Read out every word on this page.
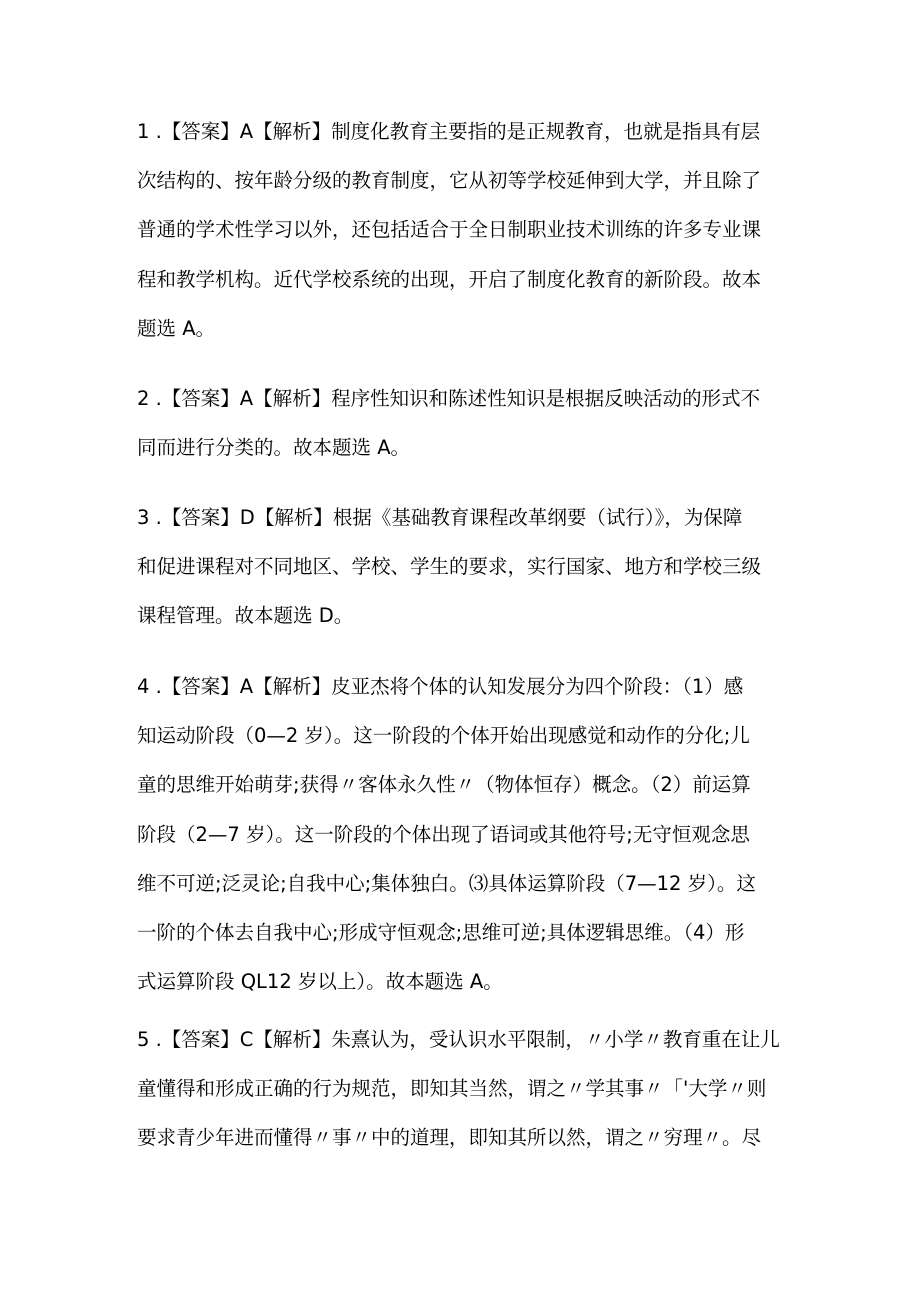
1 .【答案】A【解析】制度化教育主要指的是正规教育，也就是指具有层
次结构的、按年龄分级的教育制度，它从初等学校延伸到大学，并且除了
普通的学术性学习以外，还包括适合于全日制职业技术训练的许多专业课
程和教学机构。近代学校系统的出现，开启了制度化教育的新阶段。故本
题选 A。
2 .【答案】A【解析】程序性知识和陈述性知识是根据反映活动的形式不
同而进行分类的。故本题选 A。
3 .【答案】D【解析】根据《基础教育课程改革纲要（试行）》，为保障
和促进课程对不同地区、学校、学生的要求，实行国家、地方和学校三级
课程管理。故本题选 D。
4 .【答案】A【解析】皮亚杰将个体的认知发展分为四个阶段：（1）感
知运动阶段（0—2 岁）。这一阶段的个体开始出现感觉和动作的分化;儿
童的思维开始萌芽;获得〃客体永久性〃（物体恒存）概念。（2）前运算
阶段（2—7 岁）。这一阶段的个体出现了语词或其他符号;无守恒观念思
维不可逆;泛灵论;自我中心;集体独白。⑶具体运算阶段（7—12 岁）。这
一阶的个体去自我中心;形成守恒观念;思维可逆;具体逻辑思维。（4）形
式运算阶段 QL12 岁以上）。故本题选 A。
5 .【答案】C【解析】朱熹认为，受认识水平限制，〃小学〃教育重在让儿
童懂得和形成正确的行为规范，即知其当然，谓之〃学其事〃「'大学〃则
要求青少年进而懂得〃事〃中的道理，即知其所以然，谓之〃穷理〃。尽
